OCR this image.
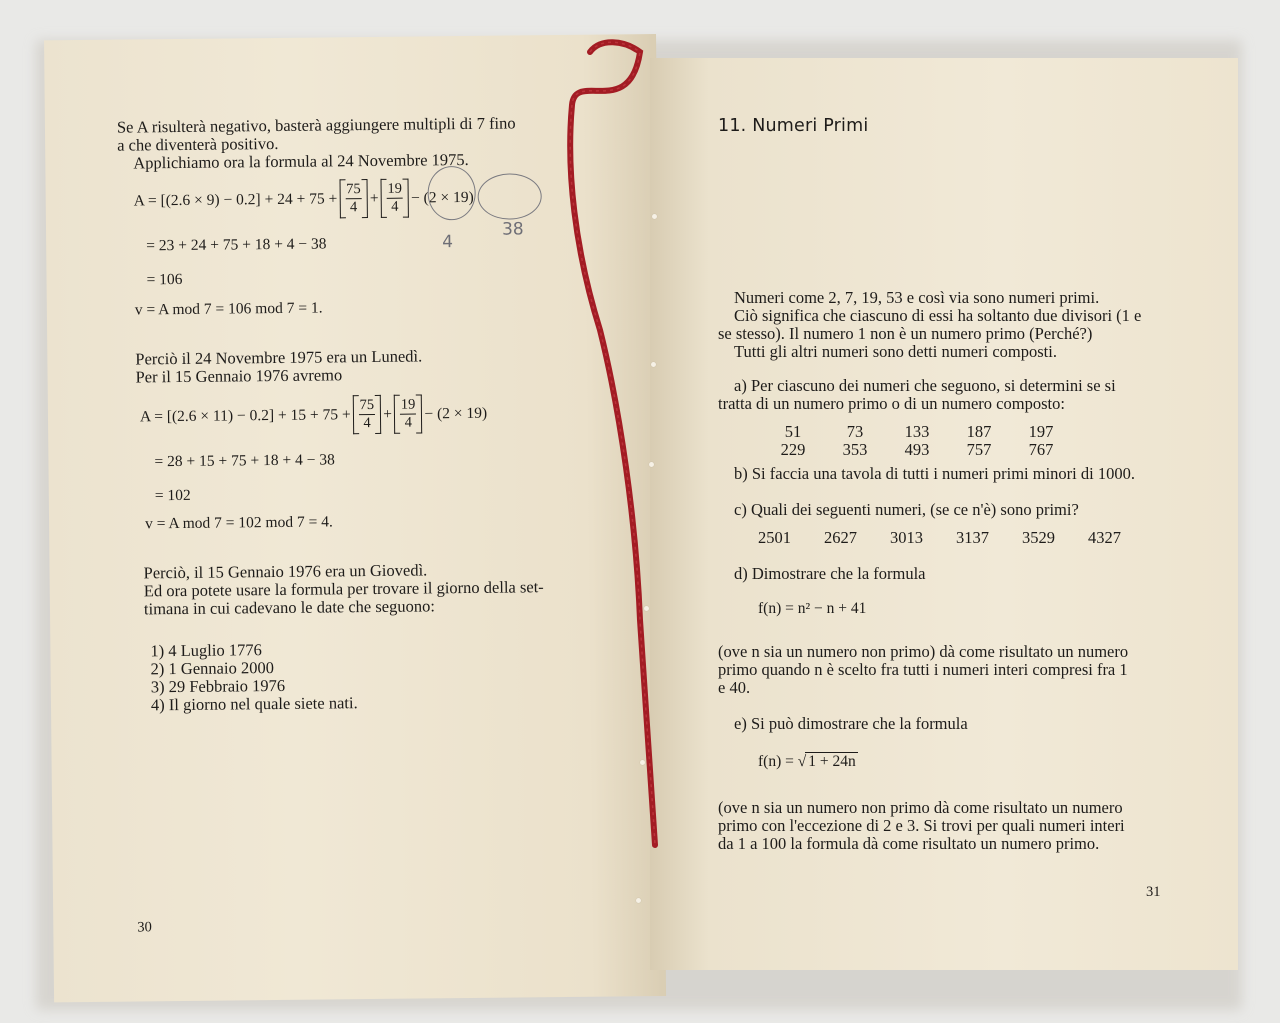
Se A risulterà negativo, basterà aggiungere multipli di 7 fino
a che diventerà positivo.
Applichiamo ora la formula al 24 Novembre 1975.
$A = [(2.6 \times 9) - 0.2] + 24 + 75 + \frac{75}{4} + \frac{19}{4} - (2 \times 19)$
4
38
= 23 + 24 + 75 + 18 + 4 − 38
= 106
v = A mod 7 = 106 mod 7 = 1.
Perciò il 24 Novembre 1975 era un Lunedì.
Per il 15 Gennaio 1976 avremo
$A = [(2.6 \times 11) - 0.2] + 15 + 75 + \frac{75}{4} + \frac{19}{4} - (2 \times 19)$
= 28 + 15 + 75 + 18 + 4 − 38
= 102
v = A mod 7 = 102 mod 7 = 4.
Perciò, il 15 Gennaio 1976 era un Giovedì.
Ed ora potete usare la formula per trovare il giorno della set-
timana in cui cadevano le date che seguono:
1) 4 Luglio 1776
2) 1 Gennaio 2000
3) 29 Febbraio 1976
4) Il giorno nel quale siete nati.
30
11. Numeri Primi
Numeri come 2, 7, 19, 53 e così via sono numeri primi.
Ciò significa che ciascuno di essi ha soltanto due divisori (1 e
se stesso). Il numero 1 non è un numero primo (Perché?)
Tutti gli altri numeri sono detti numeri composti.
a) Per ciascuno dei numeri che seguono, si determini se si
tratta di un numero primo o di un numero composto:
51	73	133	187	197
229	353	493	757	767
b) Si faccia una tavola di tutti i numeri primi minori di 1000.
c) Quali dei seguenti numeri, (se ce n'è) sono primi?
2501	2627	3013	3137	3529	4327
d) Dimostrare che la formula
f(n) = n² − n + 41
(ove n sia un numero non primo) dà come risultato un numero
primo quando n è scelto fra tutti i numeri interi compresi fra 1
e 40.
e) Si può dimostrare che la formula
f(n) = √ 1 + 24n
(ove n sia un numero non primo dà come risultato un numero
primo con l'eccezione di 2 e 3. Si trovi per quali numeri interi
da 1 a 100 la formula dà come risultato un numero primo.
31
